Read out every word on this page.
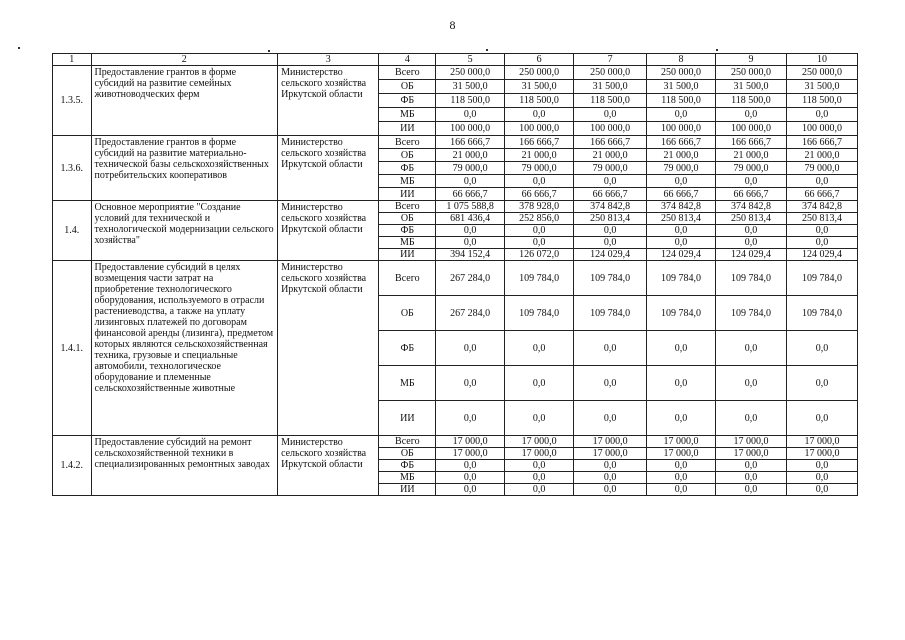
8
1	2	3	4	5	6	7	8	9	10
1.3.5.	Предоставление грантов в форме субсидий на развитие семейных животноводческих ферм	Министерство сельского хозяйства Иркутской области	Всего	250 000,0	250 000,0	250 000,0	250 000,0	250 000,0	250 000,0
			ОБ	31 500,0	31 500,0	31 500,0	31 500,0	31 500,0	31 500,0
			ФБ	118 500,0	118 500,0	118 500,0	118 500,0	118 500,0	118 500,0
			МБ	0,0	0,0	0,0	0,0	0,0	0,0
			ИИ	100 000,0	100 000,0	100 000,0	100 000,0	100 000,0	100 000,0
1.3.6.	Предоставление грантов в форме субсидий на развитие материально-технической базы сельскохозяйственных потребительских кооперативов	Министерство сельского хозяйства Иркутской области	Всего	166 666,7	166 666,7	166 666,7	166 666,7	166 666,7	166 666,7
			ОБ	21 000,0	21 000,0	21 000,0	21 000,0	21 000,0	21 000,0
			ФБ	79 000,0	79 000,0	79 000,0	79 000,0	79 000,0	79 000,0
			МБ	0,0	0,0	0,0	0,0	0,0	0,0
			ИИ	66 666,7	66 666,7	66 666,7	66 666,7	66 666,7	66 666,7
1.4.	Основное мероприятие "Создание условий для технической и технологической модернизации сельского хозяйства"	Министерство сельского хозяйства Иркутской области	Всего	1 075 588,8	378 928,0	374 842,8	374 842,8	374 842,8	374 842,8
			ОБ	681 436,4	252 856,0	250 813,4	250 813,4	250 813,4	250 813,4
			ФБ	0,0	0,0	0,0	0,0	0,0	0,0
			МБ	0,0	0,0	0,0	0,0	0,0	0,0
			ИИ	394 152,4	126 072,0	124 029,4	124 029,4	124 029,4	124 029,4
1.4.1.	Предоставление субсидий в целях возмещения части затрат на приобретение технологического оборудования, используемого в отрасли растениеводства, а также на уплату лизинговых платежей по договорам финансовой аренды (лизинга), предметом которых являются сельскохозяйственная техника, грузовые и специальные автомобили, технологическое оборудование и племенные сельскохозяйственные животные	Министерство сельского хозяйства Иркутской области	Всего	267 284,0	109 784,0	109 784,0	109 784,0	109 784,0	109 784,0
			ОБ	267 284,0	109 784,0	109 784,0	109 784,0	109 784,0	109 784,0
			ФБ	0,0	0,0	0,0	0,0	0,0	0,0
			МБ	0,0	0,0	0,0	0,0	0,0	0,0
			ИИ	0,0	0,0	0,0	0,0	0,0	0,0
1.4.2.	Предоставление субсидий на ремонт сельскохозяйственной техники в специализированных ремонтных заводах	Министерство сельского хозяйства Иркутской области	Всего	17 000,0	17 000,0	17 000,0	17 000,0	17 000,0	17 000,0
			ОБ	17 000,0	17 000,0	17 000,0	17 000,0	17 000,0	17 000,0
			ФБ	0,0	0,0	0,0	0,0	0,0	0,0
			МБ	0,0	0,0	0,0	0,0	0,0	0,0
			ИИ	0,0	0,0	0,0	0,0	0,0	0,0
